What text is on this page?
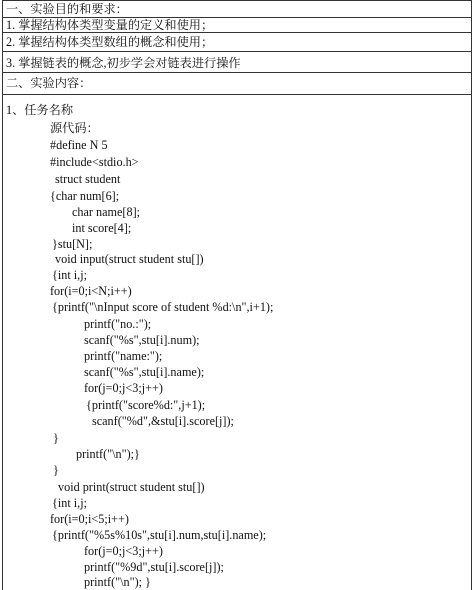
一、实验目的和要求：
1. 掌握结构体类型变量的定义和使用；
2. 掌握结构体类型数组的概念和使用；
3. 掌握链表的概念,初步学会对链表进行操作
二、实验内容：
1、任务名称
源代码：
#define N 5
#include<stdio.h>
struct student
{char num[6];
char name[8];
int score[4];
}stu[N];
void input(struct student stu[])
{int i,j;
for(i=0;i<N;i++)
{printf("\nInput score of student %d:\n",i+1);
printf("no.:");
scanf("%s",stu[i].num);
printf("name:");
scanf("%s",stu[i].name);
for(j=0;j<3;j++)
{printf("score%d:",j+1);
scanf("%d",&stu[i].score[j]);
}
printf("\n");}
}
void print(struct student stu[])
{int i,j;
for(i=0;i<5;i++)
{printf("%5s%10s",stu[i].num,stu[i].name);
for(j=0;j<3;j++)
printf("%9d",stu[i].score[j]);
printf("\n"); }
